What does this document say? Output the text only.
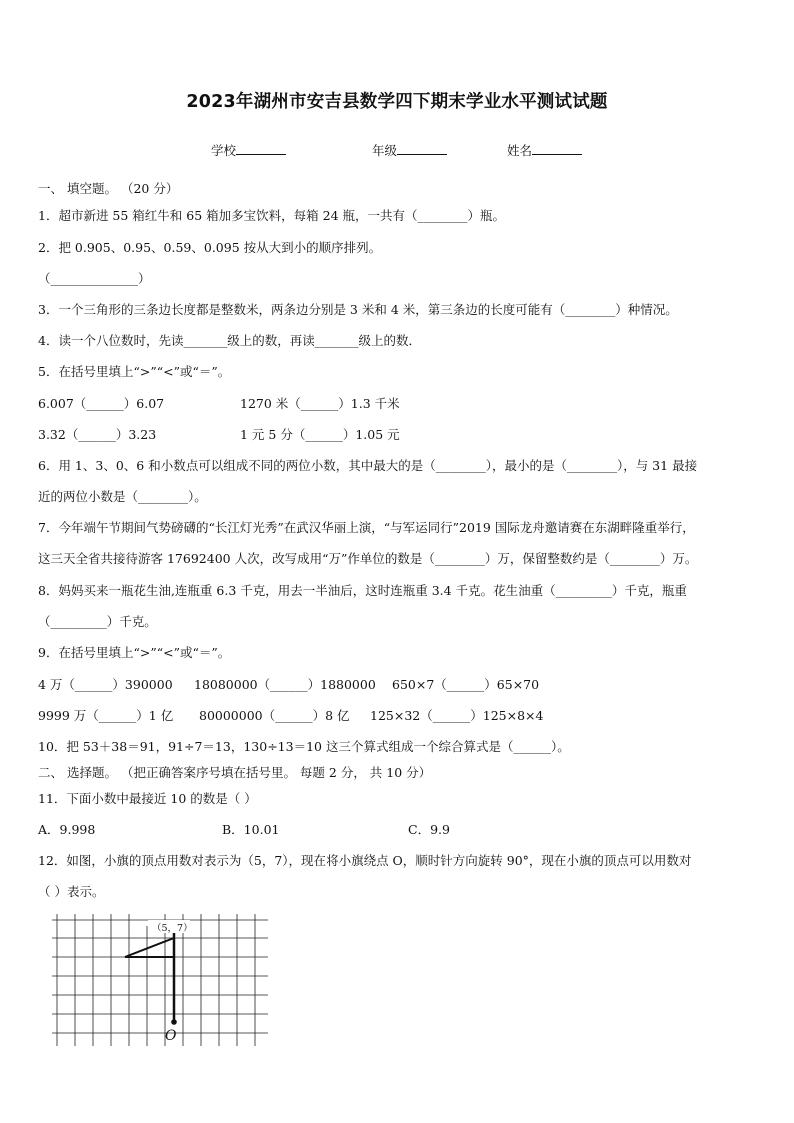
2023年湖州市安吉县数学四下期末学业水平测试试题
学校	年级	姓名
一、 填空题。 （20 分）
1．超市新进 55 箱红牛和 65 箱加多宝饮料，每箱 24 瓶，一共有（________）瓶。
2．把 0.905、0.95、0.59、0.095 按从大到小的顺序排列。
（______________）
3．一个三角形的三条边长度都是整数米，两条边分别是 3 米和 4 米，第三条边的长度可能有（________）种情况。
4．读一个八位数时，先读_______级上的数，再读_______级上的数．
5．在括号里填上“>”“<”或“＝”。
6.007（______）6.07	1270 米（______）1.3 千米
3.32（______）3.23	1 元 5 分（______）1.05 元
6．用 1、3、0、6 和小数点可以组成不同的两位小数，其中最大的是（________），最小的是（________），与 31 最接
近的两位小数是（________）。
7．今年端午节期间气势磅礴的“长江灯光秀”在武汉华丽上演，“与军运同行”2019 国际龙舟邀请赛在东湖畔隆重举行，
这三天全省共接待游客 17692400 人次，改写成用“万”作单位的数是（________）万，保留整数约是（________）万。
8．妈妈买来一瓶花生油,连瓶重 6.3 千克，用去一半油后，这时连瓶重 3.4 千克。花生油重（_________）千克，瓶重
（_________）千克。
9．在括号里填上“>”“<”或“＝”。
4 万（______）390000 18080000（______）1880000 650×7（______）65×70
9999 万（______）1 亿 80000000（______）8 亿 125×32（______）125×8×4
10．把 53＋38＝91，91÷7＝13，130÷13＝10 这三个算式组成一个综合算式是（______）。
二、 选择题。 （把正确答案序号填在括号里。 每题 2 分， 共 10 分）
11．下面小数中最接近 10 的数是（ ）
A．9.998	B．10.01	C．9.9
12．如图，小旗的顶点用数对表示为（5，7），现在将小旗绕点 O，顺时针方向旋转 90°，现在小旗的顶点可以用数对
（ ）表示。
（5，7）
O
